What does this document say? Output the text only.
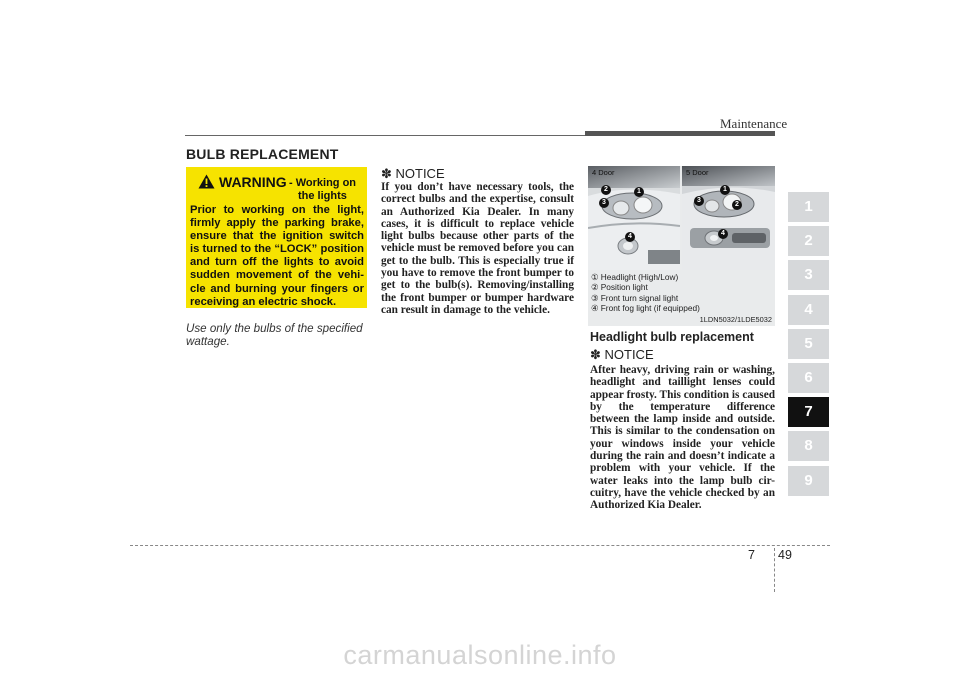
Maintenance
BULB REPLACEMENT
WARNING - Working on
the lights
Prior to working on the light, firmly apply the parking brake, ensure that the ignition switch is turned to the “LOCK” position and turn off the lights to avoid sudden movement of the vehi-cle and burning your fingers or receiving an electric shock.
Use only the bulbs of the specified wattage.
✽ NOTICE
If you don’t have necessary tools, the correct bulbs and the expertise, consult an Authorized Kia Dealer. In many cases, it is difficult to replace vehicle light bulbs because other parts of the vehicle must be removed before you can get to the bulb. This is especially true if you have to remove the front bumper to get to the bulb(s). Removing/installing the front bumper or bumper hardware can result in damage to the vehicle.
4 Door
2	1
3
4
5 Door
1
3
2
4
① Headlight (High/Low)
② Position light
③ Front turn signal light
④ Front fog light (if equipped)
1LDN5032/1LDE5032
Headlight bulb replacement
✽ NOTICE
After heavy, driving rain or washing, headlight and taillight lenses could appear frosty. This condition is caused by the temperature difference between the lamp inside and outside. This is similar to the condensation on your windows inside your vehicle during the rain and doesn’t indicate a problem with your vehicle. If the water leaks into the lamp bulb cir-cuitry, have the vehicle checked by an Authorized Kia Dealer.
1
2
3
4
5
6
7
8
9
7 49
carmanualsonline.info
